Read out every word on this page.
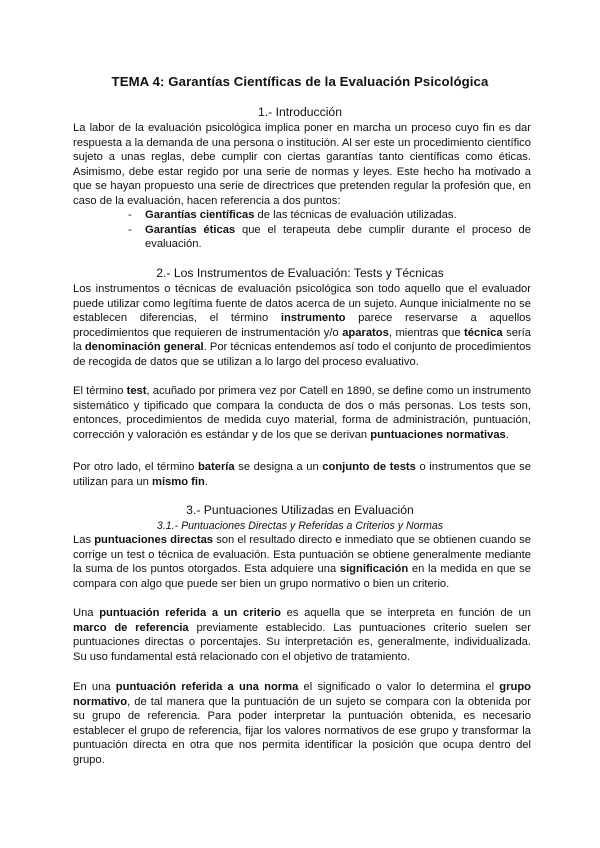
TEMA 4: Garantías Científicas de la Evaluación Psicológica
1.- Introducción

La labor de la evaluación psicológica implica poner en marcha un proceso cuyo fin es dar respuesta a la demanda de una persona o institución. Al ser este un procedimiento científico sujeto a unas reglas, debe cumplir con ciertas garantías tanto científicas como éticas. Asimismo, debe estar regido por una serie de normas y leyes. Este hecho ha motivado a que se hayan propuesto una serie de directrices que pretenden regular la profesión que, en caso de la evaluación, hacen referencia a dos puntos:

- Garantías científicas de las técnicas de evaluación utilizadas.
- Garantías éticas que el terapeuta debe cumplir durante el proceso de evaluación.
2.- Los Instrumentos de Evaluación: Tests y Técnicas

Los instrumentos o técnicas de evaluación psicológica son todo aquello que el evaluador puede utilizar como legítima fuente de datos acerca de un sujeto. Aunque inicialmente no se establecen diferencias, el término instrumento parece reservarse a aquellos procedimientos que requieren de instrumentación y/o aparatos, mientras que técnica sería la denominación general. Por técnicas entendemos así todo el conjunto de procedimientos de recogida de datos que se utilizan a lo largo del proceso evaluativo.

El término test, acuñado por primera vez por Catell en 1890, se define como un instrumento sistemático y tipificado que compara la conducta de dos o más personas. Los tests son, entonces, procedimientos de medida cuyo material, forma de administración, puntuación, corrección y valoración es estándar y de los que se derivan puntuaciones normativas.

Por otro lado, el término batería se designa a un conjunto de tests o instrumentos que se utilizan para un mismo fin.

3.- Puntuaciones Utilizadas en Evaluación
3.1.- Puntuaciones Directas y Referidas a Criterios y Normas

Las puntuaciones directas son el resultado directo e inmediato que se obtienen cuando se corrige un test o técnica de evaluación. Esta puntuación se obtiene generalmente mediante la suma de los puntos otorgados. Esta adquiere una significación en la medida en que se compara con algo que puede ser bien un grupo normativo o bien un criterio.

Una puntuación referida a un criterio es aquella que se interpreta en función de un marco de referencia previamente establecido. Las puntuaciones criterio suelen ser puntuaciones directas o porcentajes. Su interpretación es, generalmente, individualizada. Su uso fundamental está relacionado con el objetivo de tratamiento.

En una puntuación referida a una norma el significado o valor lo determina el grupo normativo, de tal manera que la puntuación de un sujeto se compara con la obtenida por su grupo de referencia. Para poder interpretar la puntuación obtenida, es necesario establecer el grupo de referencia, fijar los valores normativos de ese grupo y transformar la puntuación directa en otra que nos permita identificar la posición que ocupa dentro del grupo.
